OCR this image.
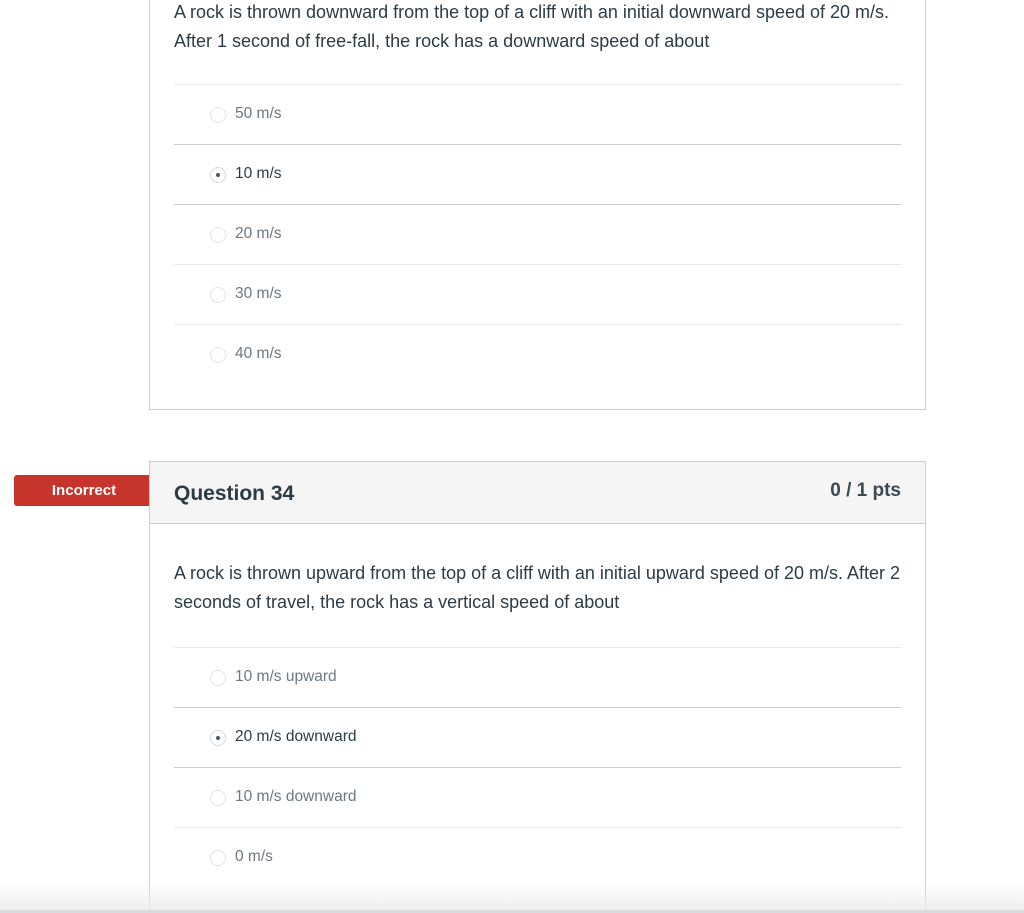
A rock is thrown downward from the top of a cliff with an initial downward speed of 20 m/s. After 1 second of free-fall, the rock has a downward speed of about
50 m/s
10 m/s
20 m/s
30 m/s
40 m/s
Incorrect	Question 34	0 / 1 pts
A rock is thrown upward from the top of a cliff with an initial upward speed of 20 m/s. After 2 seconds of travel, the rock has a vertical speed of about
10 m/s upward
20 m/s downward
10 m/s downward
0 m/s
